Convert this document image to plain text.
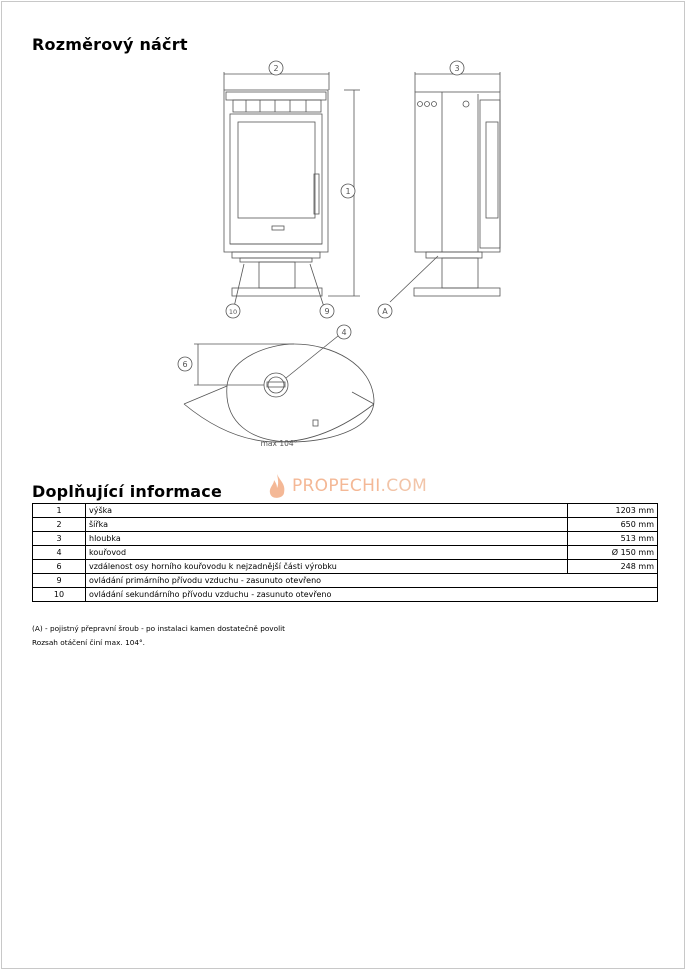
Rozměrový náčrt
2	3
1
10	9	A
4
6
max 104°
Doplňující informace	PROPECHI.COM
1	výška	1203 mm
2	šířka	650 mm
3	hloubka	513 mm
4	kouřovod	Ø 150 mm
6	vzdálenost osy horního kouřovodu k nejzadnější části výrobku	248 mm
9	ovládání primárního přívodu vzduchu - zasunuto otevřeno	
10	ovládání sekundárního přívodu vzduchu - zasunuto otevřeno	
(A) - pojistný přepravní šroub - po instalaci kamen dostatečně povolit
Rozsah otáčení činí max. 104°.
